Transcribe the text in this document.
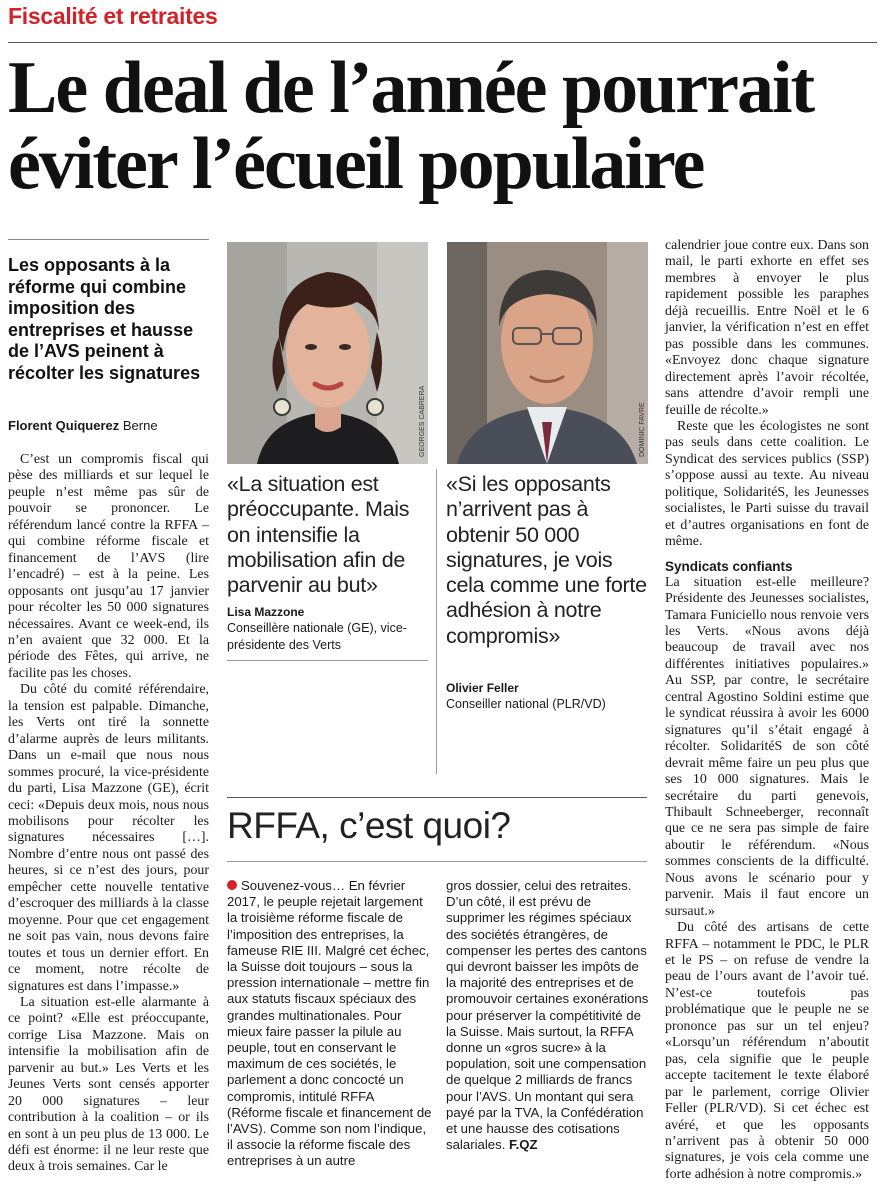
Fiscalité et retraites
Le deal de l’année pourrait
éviter l’écueil populaire
Les opposants à la réforme qui combine imposition des entreprises et hausse de l’AVS peinent à récolter les signatures
Florent Quiquerez Berne

C’est un compromis fiscal qui pèse des milliards et sur lequel le peuple n’est même pas sûr de pouvoir se prononcer. Le référendum lancé contre la RFFA – qui combine réforme fiscale et financement de l’AVS (lire l’encadré) – est à la peine. Les opposants ont jusqu’au 17 janvier pour récolter les 50 000 signatures nécessaires. Avant ce week-end, ils n’en avaient que 32 000. Et la période des Fêtes, qui arrive, ne facilite pas les choses.

Du côté du comité référendaire, la tension est palpable. Dimanche, les Verts ont tiré la sonnette d’alarme auprès de leurs militants. Dans un e-mail que nous nous sommes procuré, la vice-présidente du parti, Lisa Mazzone (GE), écrit ceci: «Depuis deux mois, nous nous mobilisons pour récolter les signatures nécessaires […]. Nombre d’entre nous ont passé des heures, si ce n’est des jours, pour empêcher cette nouvelle tentative d’escroquer des milliards à la classe moyenne. Pour que cet engagement ne soit pas vain, nous devons faire toutes et tous un dernier effort. En ce moment, notre récolte de signatures est dans l’impasse.»

La situation est-elle alarmante à ce point? «Elle est préoccupante, corrige Lisa Mazzone. Mais on intensifie la mobilisation afin de parvenir au but.» Les Verts et les Jeunes Verts sont censés apporter 20 000 signatures – leur contribution à la coalition – or ils en sont à un peu plus de 13 000. Le défi est énorme: il ne leur reste que deux à trois semaines. Car le

GEORGES CABRERA	DOMINIC FAVRE
«La situation est préoccupante. Mais on intensifie la mobilisation afin de parvenir au but»
Lisa Mazzone
Conseillère nationale (GE), vice-présidente des Verts
«Si les opposants n’arrivent pas à obtenir 50 000 signatures, je vois cela comme une forte adhésion à notre compromis»
Olivier Feller
Conseiller national (PLR/VD)
RFFA, c’est quoi?
Souvenez-vous… En février 2017, le peuple rejetait largement la troisième réforme fiscale de l’imposition des entreprises, la fameuse RIE III. Malgré cet échec, la Suisse doit toujours – sous la pression internationale – mettre fin aux statuts fiscaux spéciaux des grandes multinationales. Pour mieux faire passer la pilule au peuple, tout en conservant le maximum de ces sociétés, le parlement a donc concocté un compromis, intitulé RFFA (Réforme fiscale et financement de l’AVS). Comme son nom l’indique, il associe la réforme fiscale des entreprises à un autre
gros dossier, celui des retraites. D’un côté, il est prévu de supprimer les régimes spéciaux des sociétés étrangères, de compenser les pertes des cantons qui devront baisser les impôts de la majorité des entreprises et de promouvoir certaines exonérations pour préserver la compétitivité de la Suisse. Mais surtout, la RFFA donne un «gros sucre» à la population, soit une compensation de quelque 2 milliards de francs pour l’AVS. Un montant qui sera payé par la TVA, la Confédération et une hausse des cotisations salariales. F.QZ

calendrier joue contre eux. Dans son mail, le parti exhorte en effet ses membres à envoyer le plus rapidement possible les paraphes déjà recueillis. Entre Noël et le 6 janvier, la vérification n’est en effet pas possible dans les communes. «Envoyez donc chaque signature directement après l’avoir récoltée, sans attendre d’avoir rempli une feuille de récolte.»

Reste que les écologistes ne sont pas seuls dans cette coalition. Le Syndicat des services publics (SSP) s’oppose aussi au texte. Au niveau politique, SolidaritéS, les Jeunesses socialistes, le Parti suisse du travail et d’autres organisations en font de même.

Syndicats confiants

La situation est-elle meilleure? Présidente des Jeunesses socialistes, Tamara Funiciello nous renvoie vers les Verts. «Nous avons déjà beaucoup de travail avec nos différentes initiatives populaires.» Au SSP, par contre, le secrétaire central Agostino Soldini estime que le syndicat réussira à avoir les 6000 signatures qu’il s’était engagé à récolter. SolidaritéS de son côté devrait même faire un peu plus que ses 10 000 signatures. Mais le secrétaire du parti genevois, Thibault Schneeberger, reconnaît que ce ne sera pas simple de faire aboutir le référendum. «Nous sommes conscients de la difficulté. Nous avons le scénario pour y parvenir. Mais il faut encore un sursaut.»

Du côté des artisans de cette RFFA – notamment le PDC, le PLR et le PS – on refuse de vendre la peau de l’ours avant de l’avoir tué. N’est-ce toutefois pas problématique que le peuple ne se prononce pas sur un tel enjeu? «Lorsqu’un référendum n’aboutit pas, cela signifie que le peuple accepte tacitement le texte élaboré par le parlement, corrige Olivier Feller (PLR/VD). Si cet échec est avéré, et que les opposants n’arrivent pas à obtenir 50 000 signatures, je vois cela comme une forte adhésion à notre compromis.»
